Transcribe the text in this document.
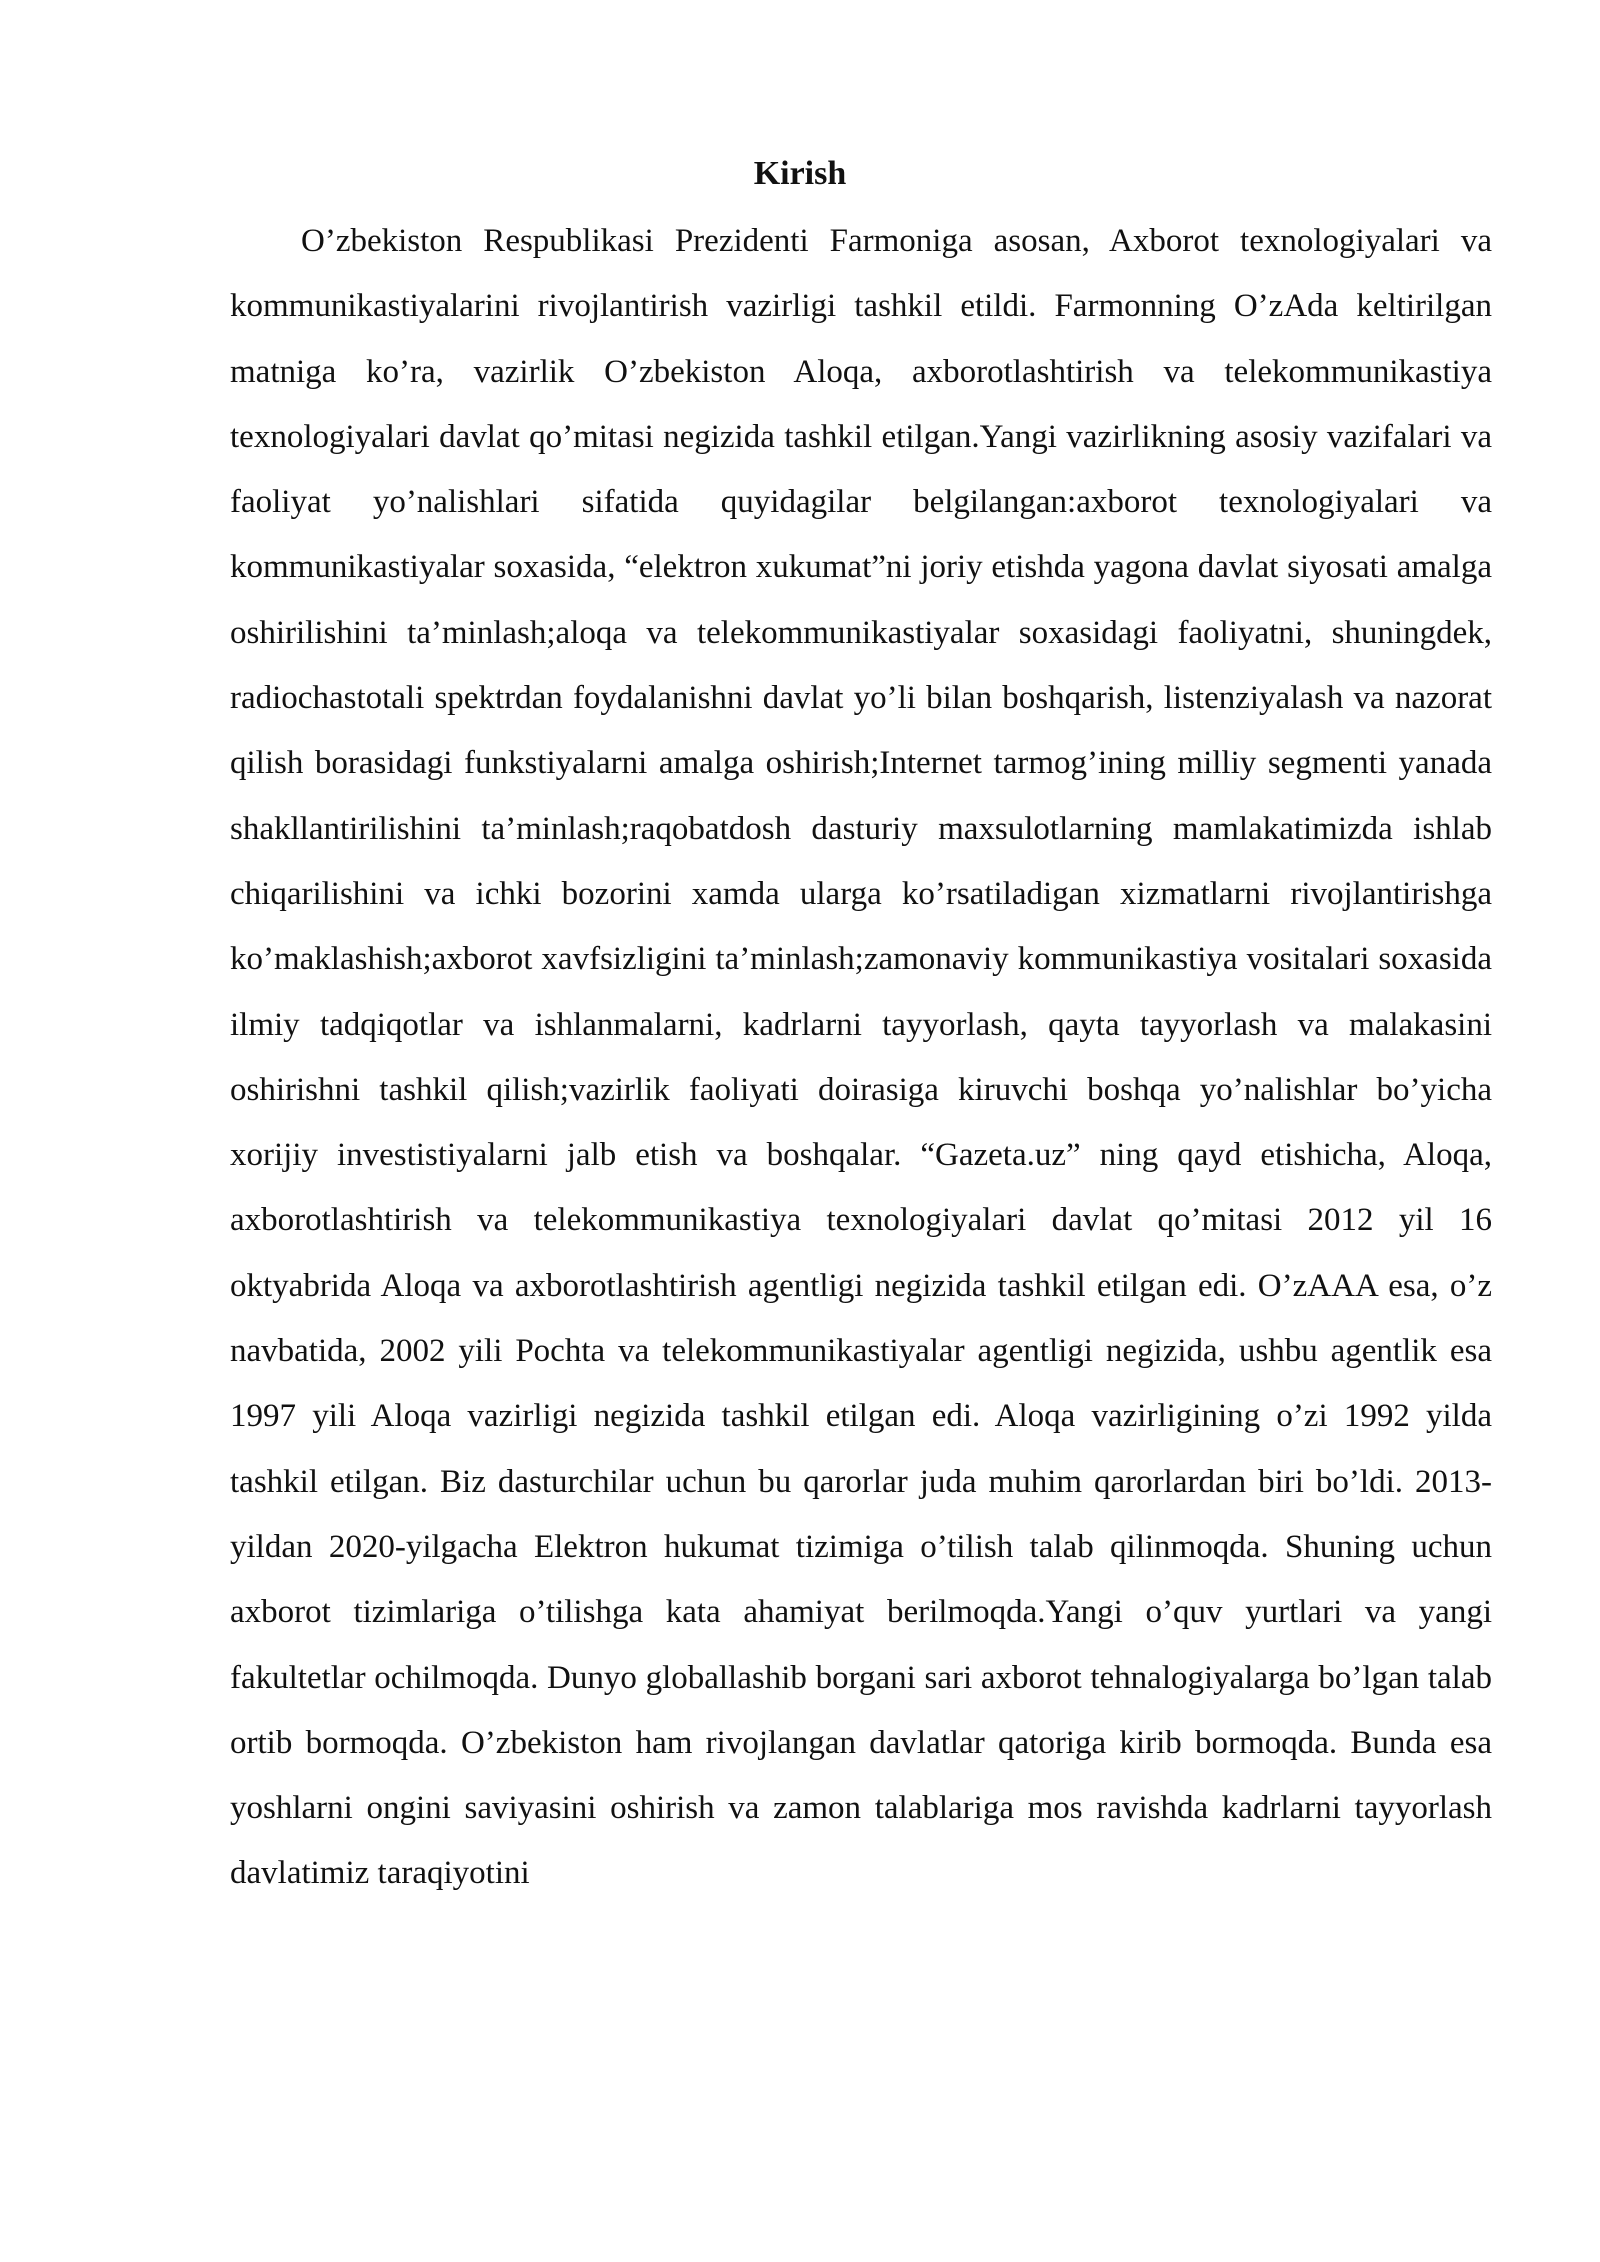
Kirish

O’zbekiston Respublikasi Prezidenti Farmoniga asosan, Axborot texnologiyalari va kommunikastiyalarini rivojlantirish vazirligi tashkil etildi. Farmonning O’zAda keltirilgan matniga ko’ra, vazirlik O’zbekiston Aloqa, axborotlashtirish va telekommunikastiya texnologiyalari davlat qo’mitasi negizida tashkil etilgan.Yangi vazirlikning asosiy vazifalari va faoliyat yo’nalishlari sifatida quyidagilar belgilangan:axborot texnologiyalari va kommunikastiyalar soxasida, “elektron xukumat”ni joriy etishda yagona davlat siyosati amalga oshirilishini ta’minlash;aloqa va telekommunikastiyalar soxasidagi faoliyatni, shuningdek, radiochastotali spektrdan foydalanishni davlat yo’li bilan boshqarish, listenziyalash va nazorat qilish borasidagi funkstiyalarni amalga oshirish;Internet tarmog’ining milliy segmenti yanada shakllantirilishini ta’minlash;raqobatdosh dasturiy maxsulotlarning mamlakatimizda ishlab chiqarilishini va ichki bozorini xamda ularga ko’rsatiladigan xizmatlarni rivojlantirishga ko’maklashish;axborot xavfsizligini ta’minlash;zamonaviy kommunikastiya vositalari soxasida ilmiy tadqiqotlar va ishlanmalarni, kadrlarni tayyorlash, qayta tayyorlash va malakasini oshirishni tashkil qilish;vazirlik faoliyati doirasiga kiruvchi boshqa yo’nalishlar bo’yicha xorijiy investistiyalarni jalb etish va boshqalar. “Gazeta.uz” ning qayd etishicha, Aloqa, axborotlashtirish va telekommunikastiya texnologiyalari davlat qo’mitasi 2012 yil 16 oktyabrida Aloqa va axborotlashtirish agentligi negizida tashkil etilgan edi. O’zAAA esa, o’z navbatida, 2002 yili Pochta va telekommunikastiyalar agentligi negizida, ushbu agentlik esa 1997 yili Aloqa vazirligi negizida tashkil etilgan edi. Aloqa vazirligining o’zi 1992 yilda tashkil etilgan. Biz dasturchilar uchun bu qarorlar juda muhim qarorlardan biri bo’ldi. 2013-yildan 2020-yilgacha Elektron hukumat tizimiga o’tilish talab qilinmoqda. Shuning uchun axborot tizimlariga o’tilishga kata ahamiyat berilmoqda.Yangi o’quv yurtlari va yangi fakultetlar ochilmoqda. Dunyo globallashib borgani sari axborot tehnalogiyalarga bo’lgan talab ortib bormoqda. O’zbekiston ham rivojlangan davlatlar qatoriga kirib bormoqda. Bunda esa yoshlarni ongini saviyasini oshirish va zamon talablariga mos ravishda kadrlarni tayyorlash davlatimiz taraqiyotini
